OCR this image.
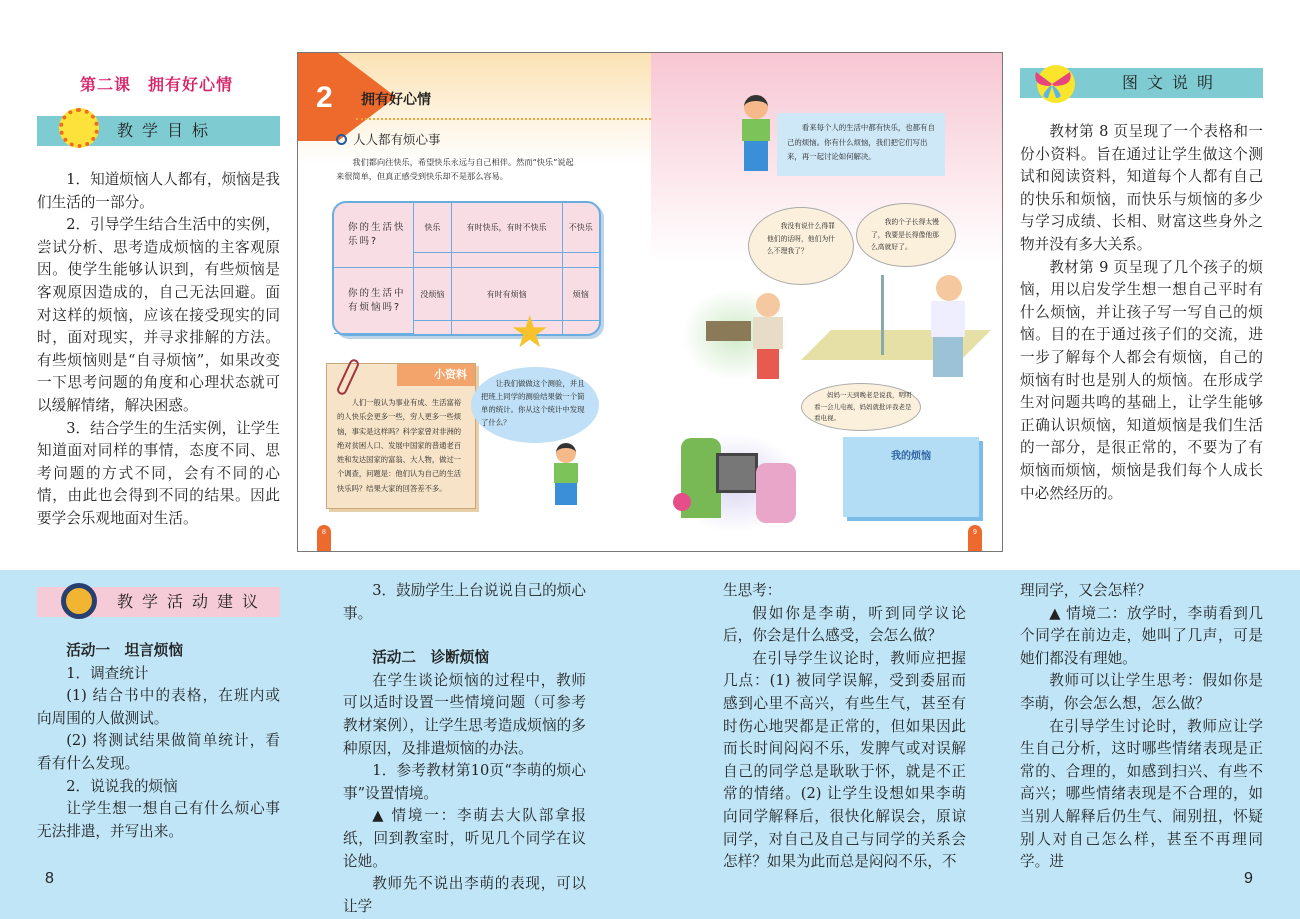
第二课　拥有好心情
教学目标

1．知道烦恼人人都有，烦恼是我们生活的一部分。

2．引导学生结合生活中的实例，尝试分析、思考造成烦恼的主客观原因。使学生能够认识到，有些烦恼是客观原因造成的，自己无法回避。面对这样的烦恼，应该在接受现实的同时，面对现实，并寻求排解的方法。有些烦恼则是“自寻烦恼”，如果改变一下思考问题的角度和心理状态就可以缓解情绪，解决困惑。

3．结合学生的生活实例，让学生知道面对同样的事情，态度不同、思考问题的方式不同，会有不同的心情，由此也会得到不同的结果。因此要学会乐观地面对生活。

2 拥有好心情
人人都有烦心事
我们都向往快乐，希望快乐永远与自己相伴。然而“快乐”说起来很简单，但真正感受到快乐却不是那么容易。
你的生活快乐吗?	快乐	有时快乐，有时不快乐	不快乐

你的生活中有烦恼吗?	没烦恼	有时有烦恼	烦恼

★
小资料
人们一般认为事业有成、生活富裕的人快乐会更多一些，穷人更多一些烦恼，事实是这样吗？科学家曾对非洲的绝对贫困人口、发展中国家的普通老百姓和发达国家的富翁、大人物，做过一个调查，问题是：他们认为自己的生活快乐吗？结果大家的回答差不多。
让我们做做这个测验，并且把班上同学的测验结果做一个简单的统计。你从这个统计中发现了什么？
8
看来每个人的生活中都有快乐，也都有自己的烦恼。你有什么烦恼，我们把它们写出来，再一起讨论如何解决。
我没有说什么得罪他们的话呀，他们为什么不理我了？
我的个子长得太慢了，我要是长得像他那么高就好了。
妈妈一天到晚老是说我，明明看一会儿电视，妈妈就批评我老是看电视。
我的烦恼
9
图文说明

教材第 8 页呈现了一个表格和一份小资料。旨在通过让学生做这个测试和阅读资料，知道每个人都有自己的快乐和烦恼，而快乐与烦恼的多少与学习成绩、长相、财富这些身外之物并没有多大关系。

教材第 9 页呈现了几个孩子的烦恼，用以启发学生想一想自己平时有什么烦恼，并让孩子写一写自己的烦恼。目的在于通过孩子们的交流，进一步了解每个人都会有烦恼，自己的烦恼有时也是别人的烦恼。在形成学生对问题共鸣的基础上，让学生能够正确认识烦恼，知道烦恼是我们生活的一部分，是很正常的，不要为了有烦恼而烦恼，烦恼是我们每个人成长中必然经历的。

教学活动建议

活动一　坦言烦恼

1．调查统计

(1) 结合书中的表格，在班内或向周围的人做测试。

(2) 将测试结果做简单统计，看看有什么发现。

2．说说我的烦恼

让学生想一想自己有什么烦心事无法排遣，并写出来。

3．鼓励学生上台说说自己的烦心事。

活动二　诊断烦恼

在学生谈论烦恼的过程中，教师可以适时设置一些情境问题（可参考教材案例），让学生思考造成烦恼的多种原因，及排遣烦恼的办法。

1．参考教材第10页“李萌的烦心事”设置情境。

▲ 情境一：李萌去大队部拿报纸，回到教室时，听见几个同学在议论她。

教师先不说出李萌的表现，可以让学

生思考：

假如你是李萌，听到同学议论后，你会是什么感受，会怎么做？

在引导学生议论时，教师应把握几点：(1) 被同学误解，受到委屈而感到心里不高兴，有些生气，甚至有时伤心地哭都是正常的，但如果因此而长时间闷闷不乐，发脾气或对误解自己的同学总是耿耿于怀，就是不正常的情绪。(2) 让学生设想如果李萌向同学解释后，很快化解误会，原谅同学，对自己及自己与同学的关系会怎样？如果为此而总是闷闷不乐，不

理同学，又会怎样？

▲ 情境二：放学时，李萌看到几个同学在前边走，她叫了几声，可是她们都没有理她。

教师可以让学生思考：假如你是李萌，你会怎么想，怎么做？

在引导学生讨论时，教师应让学生自己分析，这时哪些情绪表现是正常的、合理的，如感到扫兴、有些不高兴；哪些情绪表现是不合理的，如当别人解释后仍生气、闹别扭，怀疑别人对自己怎么样，甚至不再理同学。进

8	9
